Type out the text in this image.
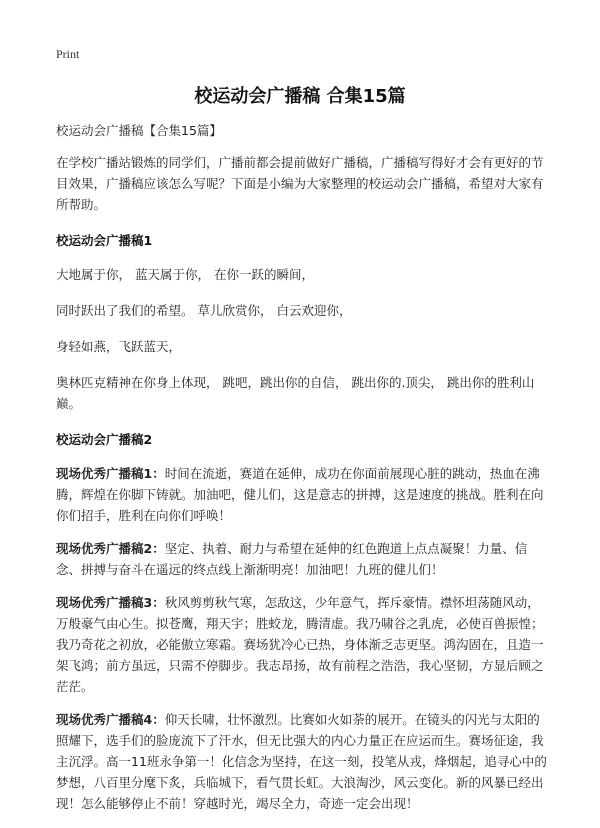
Print
校运动会广播稿 合集15篇

校运动会广播稿【合集15篇】

在学校广播站锻炼的同学们，广播前都会提前做好广播稿，广播稿写得好才会有更好的节目效果，广播稿应该怎么写呢？下面是小编为大家整理的校运动会广播稿，希望对大家有所帮助。

校运动会广播稿1

大地属于你， 蓝天属于你， 在你一跃的瞬间，

同时跃出了我们的希望。 草儿欣赏你， 白云欢迎你，

身轻如燕，飞跃蓝天，

奥林匹克精神在你身上体现， 跳吧，跳出你的自信， 跳出你的.顶尖， 跳出你的胜利山巅。

校运动会广播稿2

现场优秀广播稿1：时间在流逝，赛道在延伸，成功在你面前展现心脏的跳动，热血在沸腾，辉煌在你脚下铸就。加油吧，健儿们，这是意志的拼搏，这是速度的挑战。胜利在向你们招手，胜利在向你们呼唤！

现场优秀广播稿2：坚定、执着、耐力与希望在延伸的红色跑道上点点凝聚！力量、信念、拼搏与奋斗在遥远的终点线上渐渐明亮！加油吧！九班的健儿们！

现场优秀广播稿3：秋风剪剪秋气寒，怎敌这，少年意气，挥斥豪情。襟怀坦荡随风动，万般豪气由心生。拟苍鹰，翔天宇；胜蛟龙，腾清虚。我乃啸谷之乳虎，必使百兽振惶；我乃奇花之初放，必能傲立寒霜。赛场犹冷心已热，身体渐乏志更坚。鸿沟固在，且造一架飞鸿；前方虽远，只需不停脚步。我志昂扬，故有前程之浩浩，我心坚韧，方显后顾之茫茫。

现场优秀广播稿4：仰天长啸，壮怀激烈。比赛如火如荼的展开。在镜头的闪光与太阳的照耀下，选手们的脸庞流下了汗水，但无比强大的内心力量正在应运而生。赛场征途，我主沉浮。高一11班永争第一！化信念为坚持，在这一刻，投笔从戎，烽烟起，追寻心中的梦想，八百里分麾下炙，兵临城下，看气贯长虹。大浪淘沙，风云变化。新的风暴已经出现！怎么能够停止不前！穿越时光，竭尽全力，奇迹一定会出现！
